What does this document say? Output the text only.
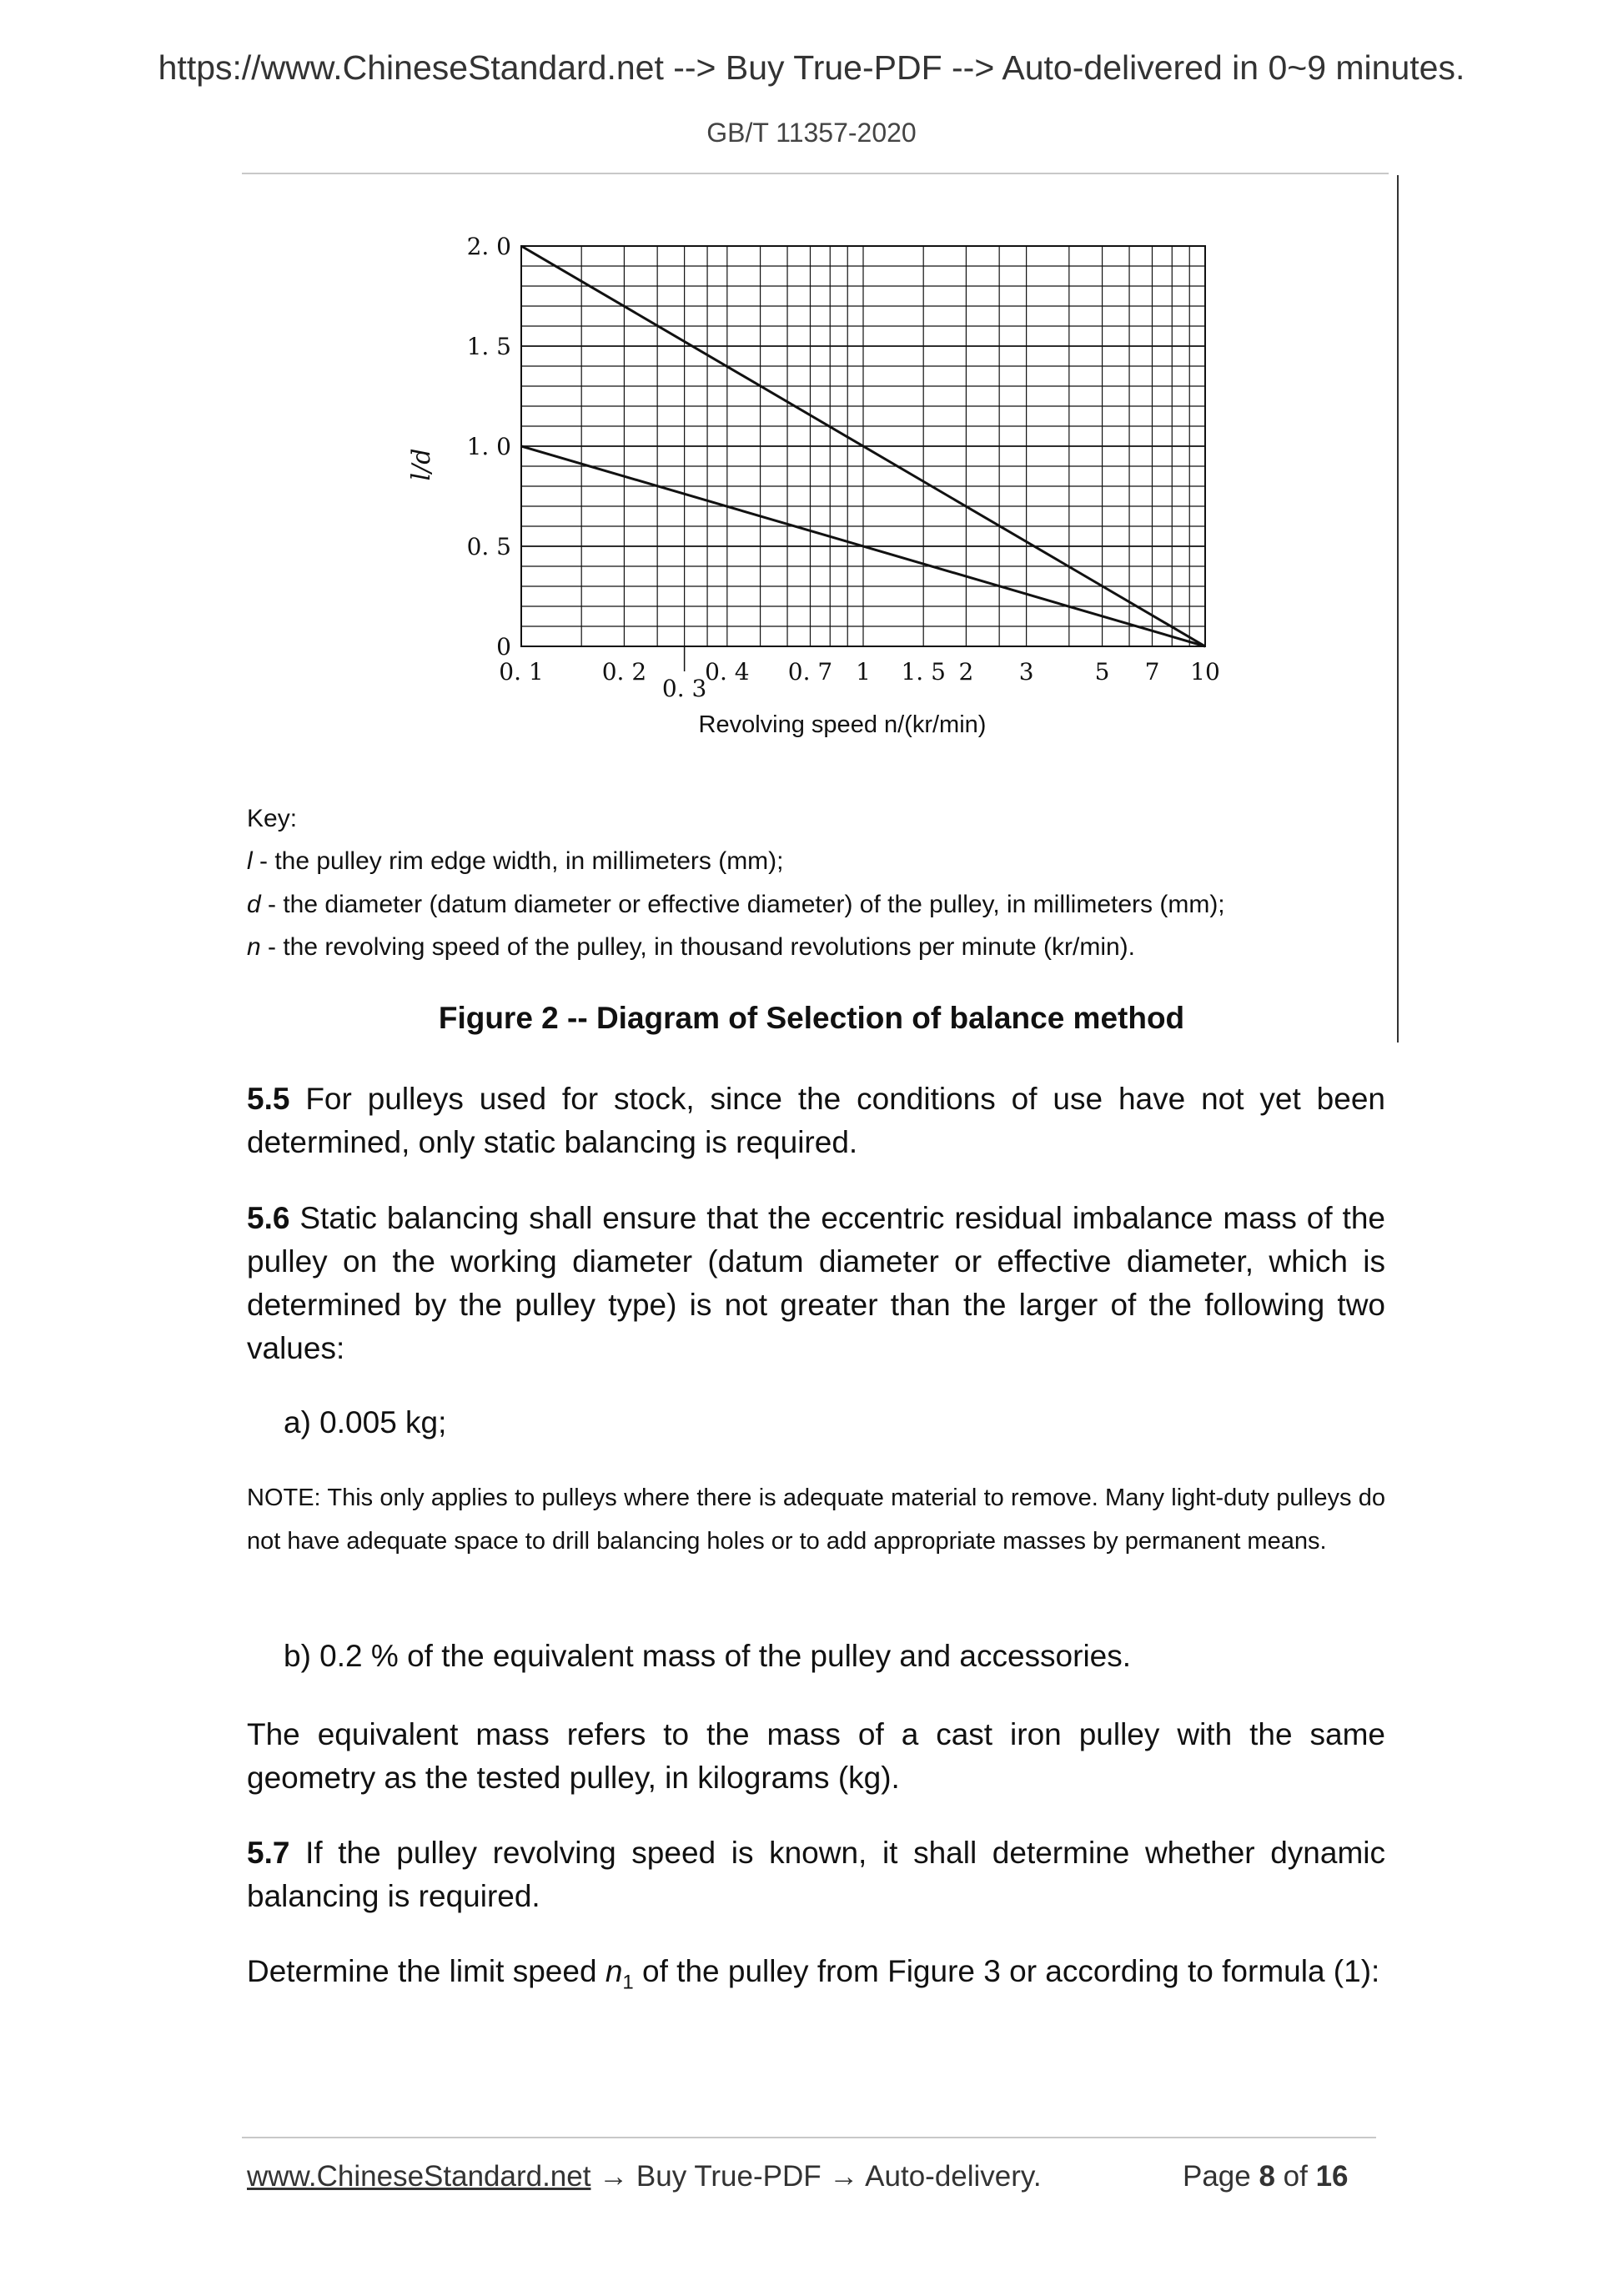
https://www.ChineseStandard.net --> Buy True-PDF --> Auto-delivered in 0~9 minutes.
GB/T 11357-2020
2. 0
1. 5
1. 0
0. 5
0
0. 1 0. 2
0. 3
0. 4 0. 7 1 1. 5 2 3	5 7 10
l/d
Revolving speed n/(kr/min)
Key:
l - the pulley rim edge width, in millimeters (mm);
d - the diameter (datum diameter or effective diameter) of the pulley, in millimeters (mm);
n - the revolving speed of the pulley, in thousand revolutions per minute (kr/min).
Figure 2 -- Diagram of Selection of balance method
5.5 For pulleys used for stock, since the conditions of use have not yet been determined, only static balancing is required.
5.6 Static balancing shall ensure that the eccentric residual imbalance mass of the pulley on the working diameter (datum diameter or effective diameter, which is determined by the pulley type) is not greater than the larger of the following two values:
a) 0.005 kg;
NOTE: This only applies to pulleys where there is adequate material to remove. Many light-duty pulleys do not have adequate space to drill balancing holes or to add appropriate masses by permanent means.
b) 0.2 % of the equivalent mass of the pulley and accessories.
The equivalent mass refers to the mass of a cast iron pulley with the same geometry as the tested pulley, in kilograms (kg).
5.7 If the pulley revolving speed is known, it shall determine whether dynamic balancing is required.
Determine the limit speed $n_1$ of the pulley from Figure 3 or according to formula (1):
www.ChineseStandard.net → Buy True-PDF → Auto-delivery.	Page 8 of 16
